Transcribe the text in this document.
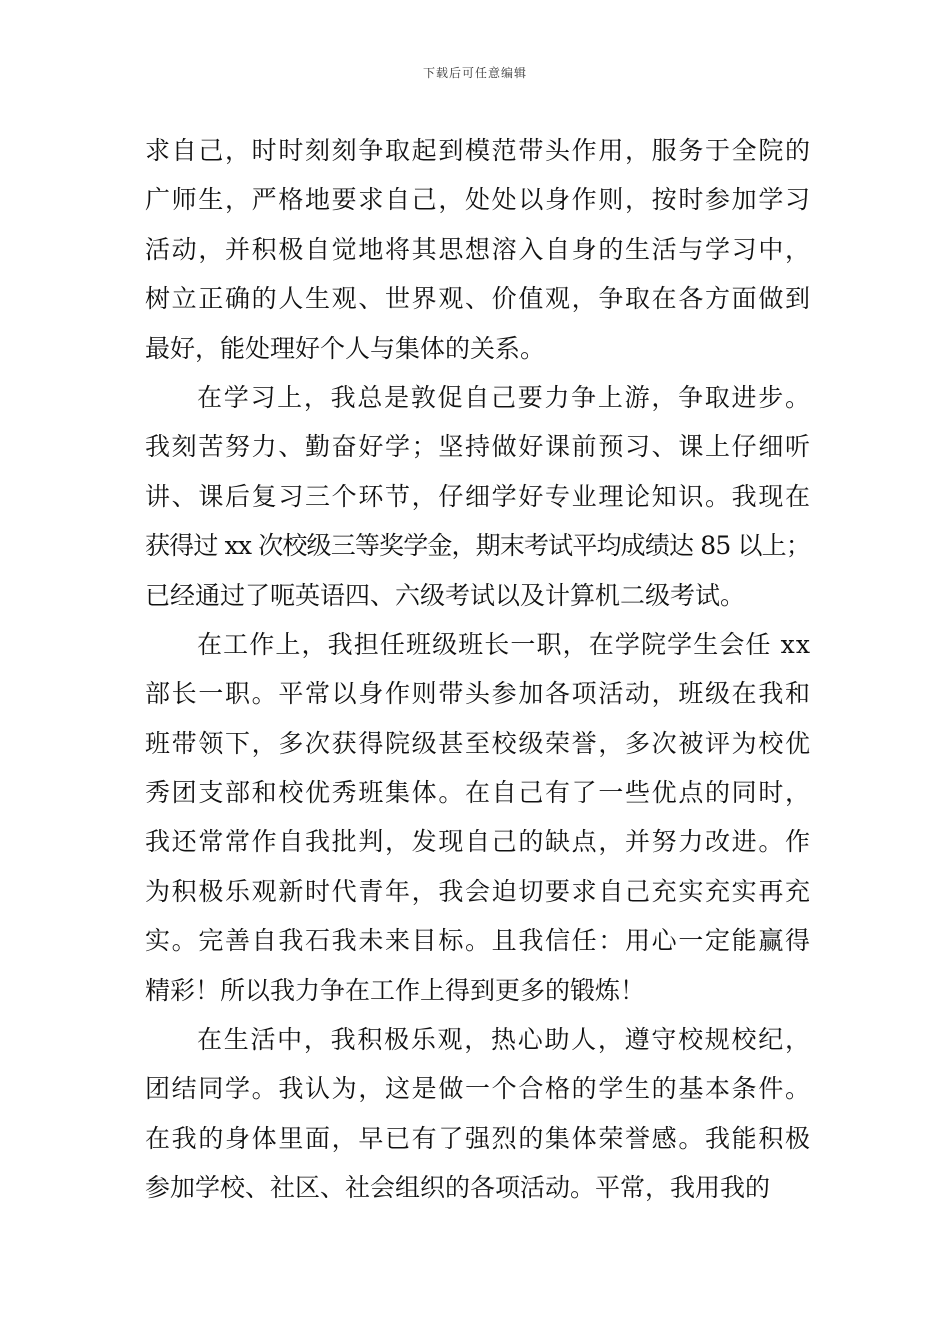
下载后可任意编辑
求自己，时时刻刻争取起到模范带头作用，服务于全院的
广师生，严格地要求自己，处处以身作则，按时参加学习
活动，并积极自觉地将其思想溶入自身的生活与学习中，
树立正确的人生观、世界观、价值观，争取在各方面做到
最好，能处理好个人与集体的关系。
在学习上，我总是敦促自己要力争上游，争取进步。
我刻苦努力、勤奋好学；坚持做好课前预习、课上仔细听
讲、课后复习三个环节，仔细学好专业理论知识。我现在
获得过 xx 次校级三等奖学金，期末考试平均成绩达 85 以上；
已经通过了呃英语四、六级考试以及计算机二级考试。
在工作上，我担任班级班长一职，在学院学生会任 xx
部长一职。平常以身作则带头参加各项活动，班级在我和
班带领下，多次获得院级甚至校级荣誉，多次被评为校优
秀团支部和校优秀班集体。在自己有了一些优点的同时，
我还常常作自我批判，发现自己的缺点，并努力改进。作
为积极乐观新时代青年，我会迫切要求自己充实充实再充
实。完善自我石我未来目标。且我信任：用心一定能赢得
精彩！所以我力争在工作上得到更多的锻炼！
在生活中，我积极乐观，热心助人，遵守校规校纪，
团结同学。我认为，这是做一个合格的学生的基本条件。
在我的身体里面，早已有了强烈的集体荣誉感。我能积极
参加学校、社区、社会组织的各项活动。平常，我用我的
